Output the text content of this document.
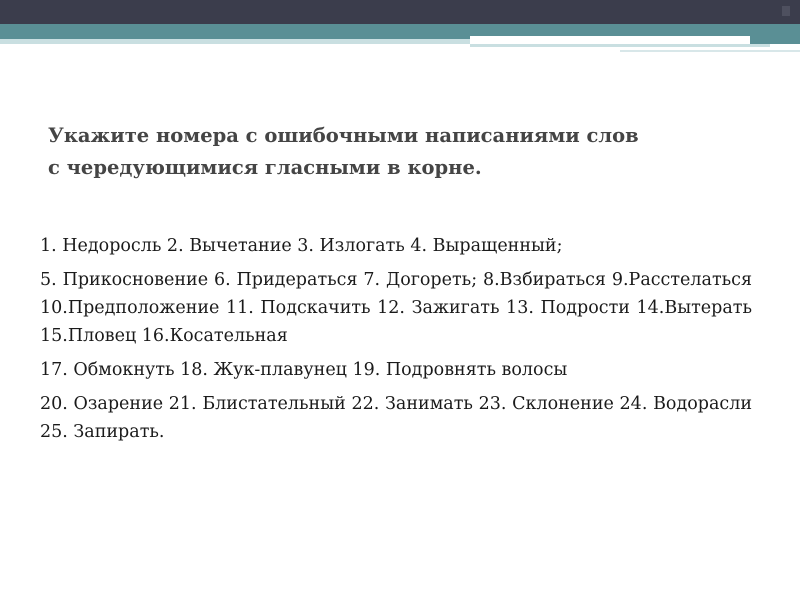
Укажите номера с ошибочными написаниями слов
с чередующимися гласными в корне.

1. Недоросль 2. Вычетание 3. Излогать 4. Выращенный;

5. Прикосновение 6. Придераться 7. Догореть; 8.Взбираться 9.Расстелаться 10.Предположение 11. Подскачить 12. Зажигать 13. Подрости 14.Вытерать 15.Пловец 16.Косательная

17. Обмокнуть 18. Жук-плавунец 19. Подровнять волосы

20. Озарение 21. Блистательный 22. Занимать 23. Склонение 24. Водорасли 25. Запирать.
